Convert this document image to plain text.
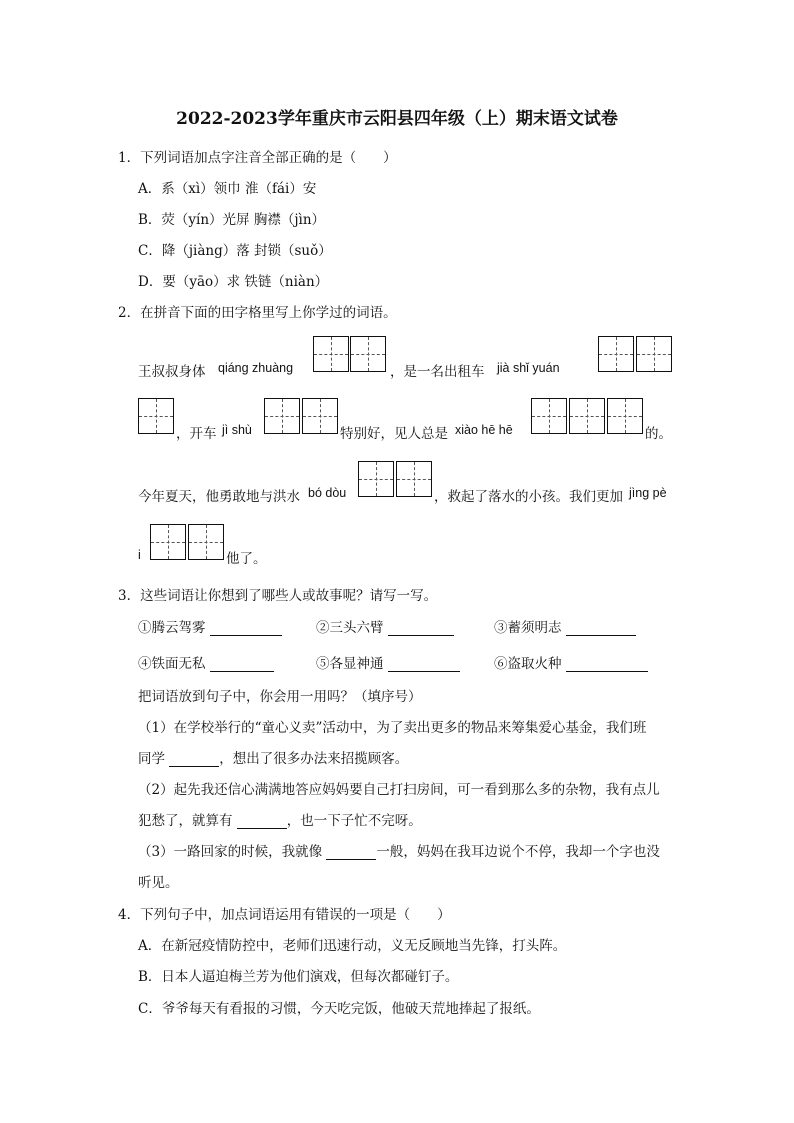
2022-2023学年重庆市云阳县四年级（上）期末语文试卷
1．下列词语加点字注音全部正确的是（　　）
A．系（xì）领巾 淮（fái）安
B．荧（yín）光屏 胸襟（jìn）
C．降（jiàng）落 封锁（suǒ）
D．要（yāo）求 铁链（niàn）
2．在拼音下面的田字格里写上你学过的词语。
王叔叔身体 qiáng zhuàng	，是一名出租车 jià shǐ yuán
，开车 jì shù	特别好，见人总是 xiào hē hē	的。
今年夏天，他勇敢地与洪水 bó dòu	，救起了落水的小孩。我们更加 jìng pè
i	他了。
3．这些词语让你想到了哪些人或故事呢？请写一写。
①腾云驾雾	②三头六臂	③蓄须明志
④铁面无私	⑤各显神通	⑥盗取火种
把词语放到句子中，你会用一用吗？（填序号）
（1）在学校举行的“童心义卖”活动中，为了卖出更多的物品来筹集爱心基金，我们班
同学	，想出了很多办法来招揽顾客。
（2）起先我还信心满满地答应妈妈要自己打扫房间，可一看到那么多的杂物，我有点儿
犯愁了，就算有	，也一下子忙不完呀。
（3）一路回家的时候，我就像	一般，妈妈在我耳边说个不停，我却一个字也没
听见。
4．下列句子中，加点词语运用有错误的一项是（　　）
A．在新冠疫情防控中，老师们迅速行动，义无反顾地当先锋，打头阵。
B．日本人逼迫梅兰芳为他们演戏，但每次都碰钉子。
C．爷爷每天有看报的习惯，今天吃完饭，他破天荒地捧起了报纸。
